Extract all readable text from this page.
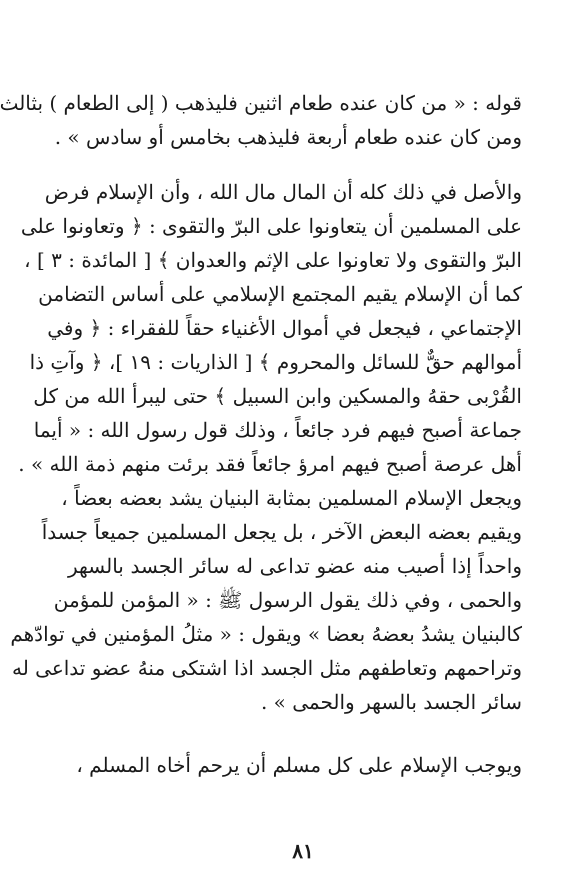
قوله : « من كان عنده طعام اثنين فليذهب ( إلى الطعام ) بثالث
ومن كان عنده طعام أربعة فليذهب بخامس أو سادس » .

والأصل في ذلك كله أن المال مال الله ، وأن الإسلام فرض
على المسلمين أن يتعاونوا على البرّ والتقوى : ﴿ وتعاونوا على
البرّ والتقوى ولا تعاونوا على الإثم والعدوان ﴾ [ المائدة : ٣ ] ،
كما أن الإسلام يقيم المجتمع الإسلامي على أساس التضامن
الإجتماعي ، فيجعل في أموال الأغنياء حقاً للفقراء : ﴿ وفي
أموالهم حقٌّ للسائل والمحروم ﴾ [ الذاريات : ١٩ ]، ﴿ وآتِ ذا
القُرْبى حقهُ والمسكين وابن السبيل ﴾ حتى ليبرأ الله من كل
جماعة أصبح فيهم فرد جائعاً ، وذلك قول رسول الله : « أيما
أهل عرصة أصبح فيهم امرؤ جائعاً فقد برئت منهم ذمة الله » .
ويجعل الإسلام المسلمين بمثابة البنيان يشد بعضه بعضاً ،
ويقيم بعضه البعض الآخر ، بل يجعل المسلمين جميعاً جسداً
واحداً إذا أصيب منه عضو تداعى له سائر الجسد بالسهر
والحمى ، وفي ذلك يقول الرسول ﷺ : « المؤمن للمؤمن
كالبنيان يشدُ بعضهُ بعضا » ويقول : « مثلُ المؤمنين في توادّهم
وتراحمهم وتعاطفهم مثل الجسد اذا اشتكى منهُ عضو تداعى له
سائر الجسد بالسهر والحمى » .

ويوجب الإسلام على كل مسلم أن يرحم أخاه المسلم ،

٨١
